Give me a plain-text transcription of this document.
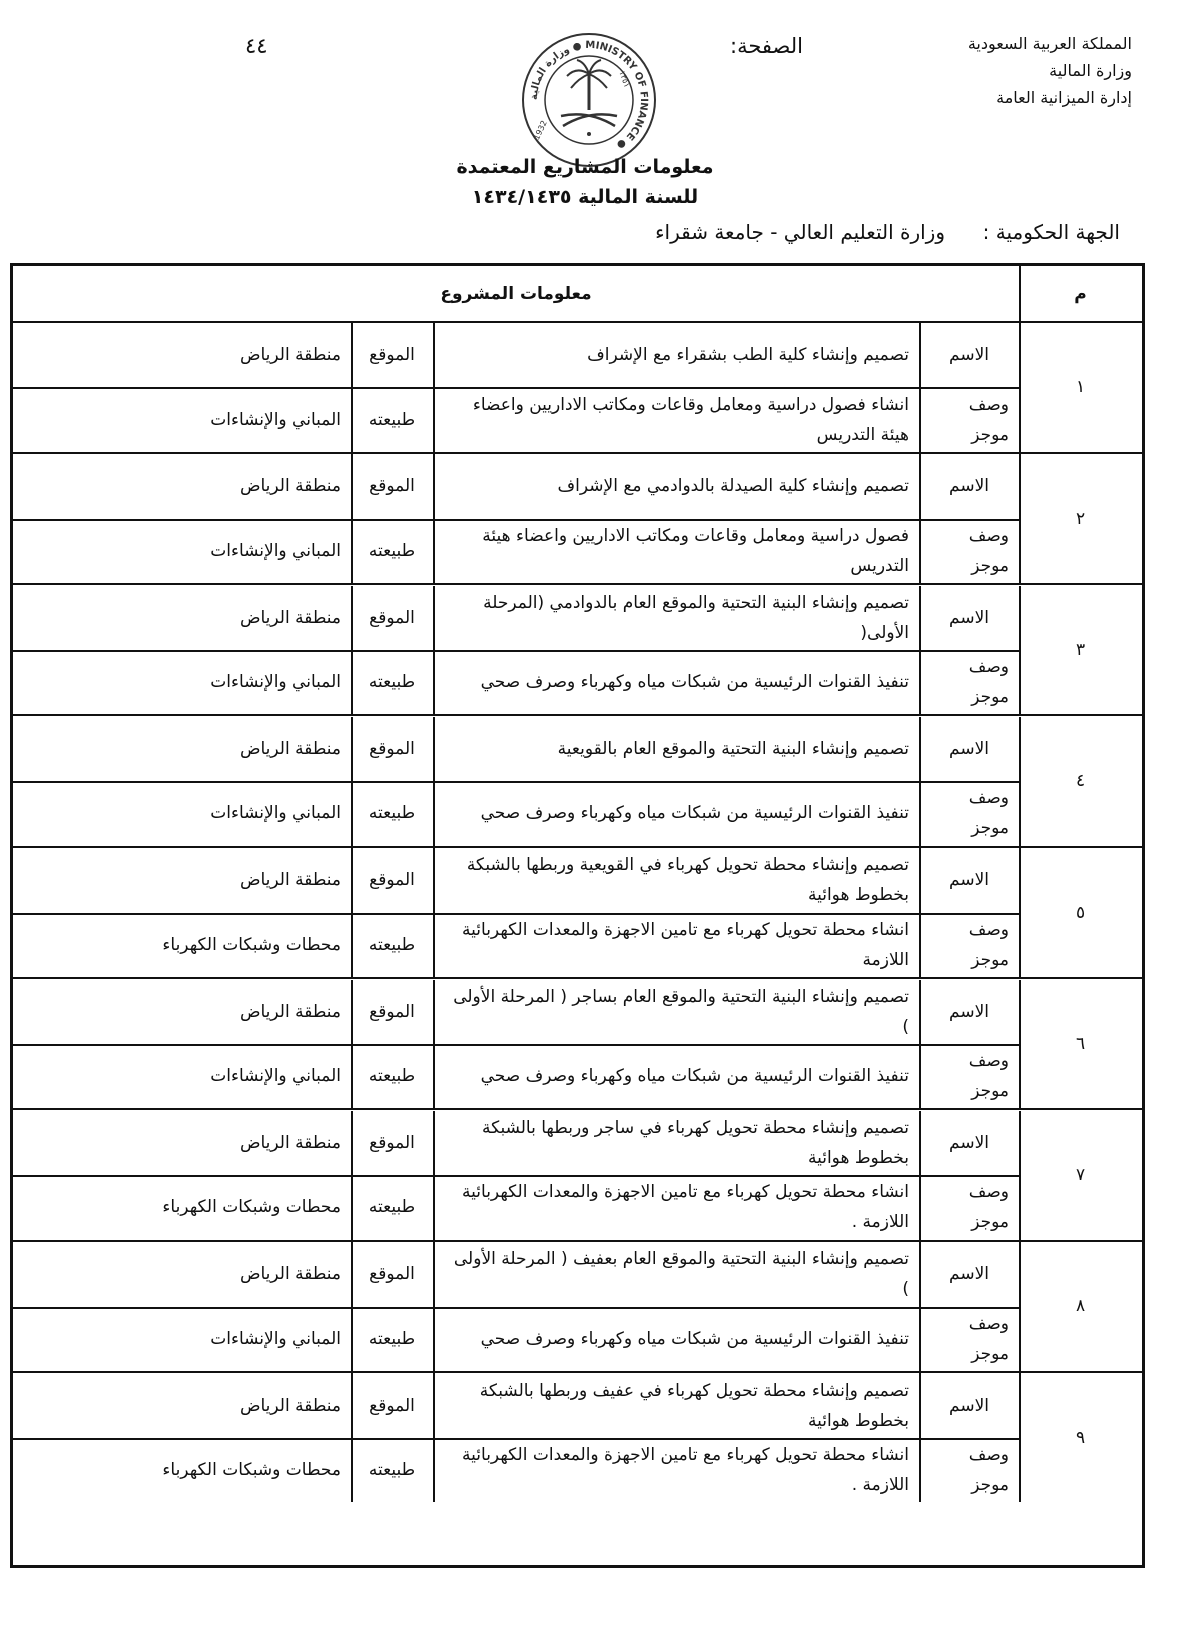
المملكة العربية السعودية
وزارة المالية
إدارة الميزانية العامة
الصفحة:
٤٤
وزارة المالية ● MINISTRY OF FINANCE ●
1932
١٣٥١
معلومات المشاريع المعتمدة
للسنة المالية ١٤٣٤/١٤٣٥
الجهة الحكومية :
وزارة التعليم العالي - جامعة شقراء
م
معلومات المشروع
١
الاسم
تصميم وإنشاء كلية الطب بشقراء مع الإشراف
الموقع
منطقة الرياض
وصف موجز
انشاء فصول دراسية ومعامل وقاعات ومكاتب الاداريين واعضاء هيئة التدريس
طبيعته
المباني والإنشاءات
٢
الاسم
تصميم وإنشاء كلية الصيدلة بالدوادمي مع الإشراف
الموقع
منطقة الرياض
وصف موجز
فصول دراسية ومعامل وقاعات ومكاتب الاداريين واعضاء هيئة التدريس
طبيعته
المباني والإنشاءات
٣
الاسم
تصميم وإنشاء البنية التحتية والموقع العام بالدوادمي (المرحلة الأولى(
الموقع
منطقة الرياض
وصف موجز
تنفيذ القنوات الرئيسية من شبكات مياه وكهرباء وصرف صحي
طبيعته
المباني والإنشاءات
٤
الاسم
تصميم وإنشاء البنية التحتية والموقع العام بالقويعية
الموقع
منطقة الرياض
وصف موجز
تنفيذ القنوات الرئيسية من شبكات مياه وكهرباء وصرف صحي
طبيعته
المباني والإنشاءات
٥
الاسم
تصميم وإنشاء محطة تحويل كهرباء في القويعية وربطها بالشبكة بخطوط هوائية
الموقع
منطقة الرياض
وصف موجز
انشاء محطة تحويل كهرباء مع تامين الاجهزة والمعدات الكهربائية اللازمة
طبيعته
محطات وشبكات الكهرباء
٦
الاسم
تصميم وإنشاء البنية التحتية والموقع العام بساجر ( المرحلة الأولى )
الموقع
منطقة الرياض
وصف موجز
تنفيذ القنوات الرئيسية من شبكات مياه وكهرباء وصرف صحي
طبيعته
المباني والإنشاءات
٧
الاسم
تصميم وإنشاء محطة تحويل كهرباء في ساجر وربطها بالشبكة بخطوط هوائية
الموقع
منطقة الرياض
وصف موجز
انشاء محطة تحويل كهرباء مع تامين الاجهزة والمعدات الكهربائية اللازمة .
طبيعته
محطات وشبكات الكهرباء
٨
الاسم
تصميم وإنشاء البنية التحتية والموقع العام بعفيف ( المرحلة الأولى )
الموقع
منطقة الرياض
وصف موجز
تنفيذ القنوات الرئيسية من شبكات مياه وكهرباء وصرف صحي
طبيعته
المباني والإنشاءات
٩
الاسم
تصميم وإنشاء محطة تحويل كهرباء في عفيف وربطها بالشبكة بخطوط هوائية
الموقع
منطقة الرياض
وصف موجز
انشاء محطة تحويل كهرباء مع تامين الاجهزة والمعدات الكهربائية اللازمة .
طبيعته
محطات وشبكات الكهرباء
